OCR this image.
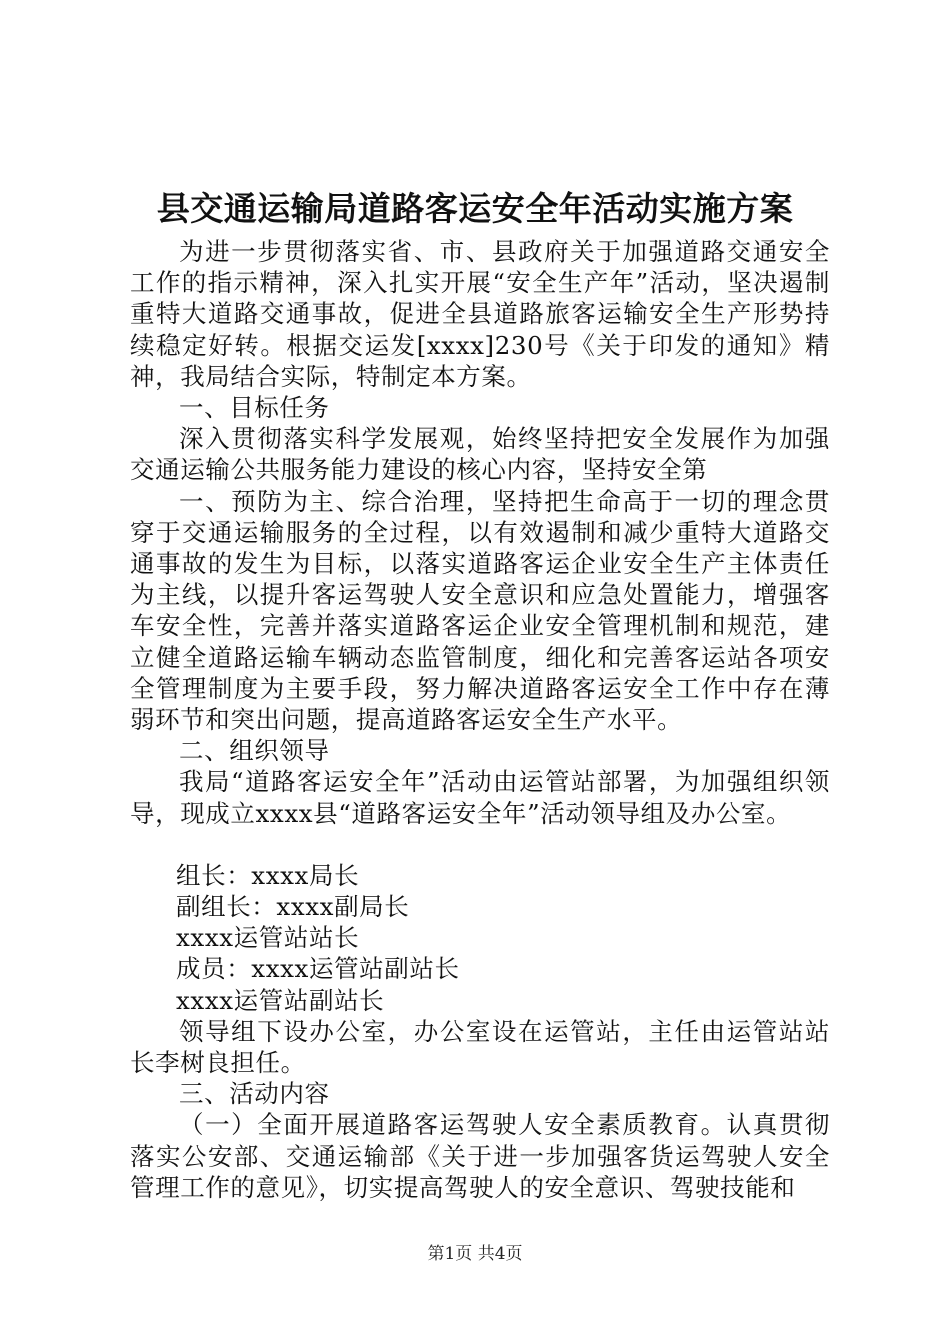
县交通运输局道路客运安全年活动实施方案

为进一步贯彻落实省、市、县政府关于加强道路交通安全工作的指示精神，深入扎实开展“安全生产年”活动，坚决遏制重特大道路交通事故，促进全县道路旅客运输安全生产形势持续稳定好转。根据交运发[xxxx]230号《关于印发的通知》精神，我局结合实际，特制定本方案。

一、目标任务

深入贯彻落实科学发展观，始终坚持把安全发展作为加强交通运输公共服务能力建设的核心内容，坚持安全第

一、预防为主、综合治理，坚持把生命高于一切的理念贯穿于交通运输服务的全过程，以有效遏制和减少重特大道路交通事故的发生为目标，以落实道路客运企业安全生产主体责任为主线，以提升客运驾驶人安全意识和应急处置能力，增强客车安全性，完善并落实道路客运企业安全管理机制和规范，建立健全道路运输车辆动态监管制度，细化和完善客运站各项安全管理制度为主要手段，努力解决道路客运安全工作中存在薄弱环节和突出问题，提高道路客运安全生产水平。

二、组织领导

我局“道路客运安全年”活动由运管站部署，为加强组织领导，现成立xxxx县“道路客运安全年”活动领导组及办公室。

组长：xxxx局长

副组长：xxxx副局长

xxxx运管站站长

成员：xxxx运管站副站长

xxxx运管站副站长

领导组下设办公室，办公室设在运管站，主任由运管站站长李树良担任。

三、活动内容

（一）全面开展道路客运驾驶人安全素质教育。认真贯彻落实公安部、交通运输部《关于进一步加强客货运驾驶人安全管理工作的意见》，切实提高驾驶人的安全意识、驾驶技能和

第1页 共4页
